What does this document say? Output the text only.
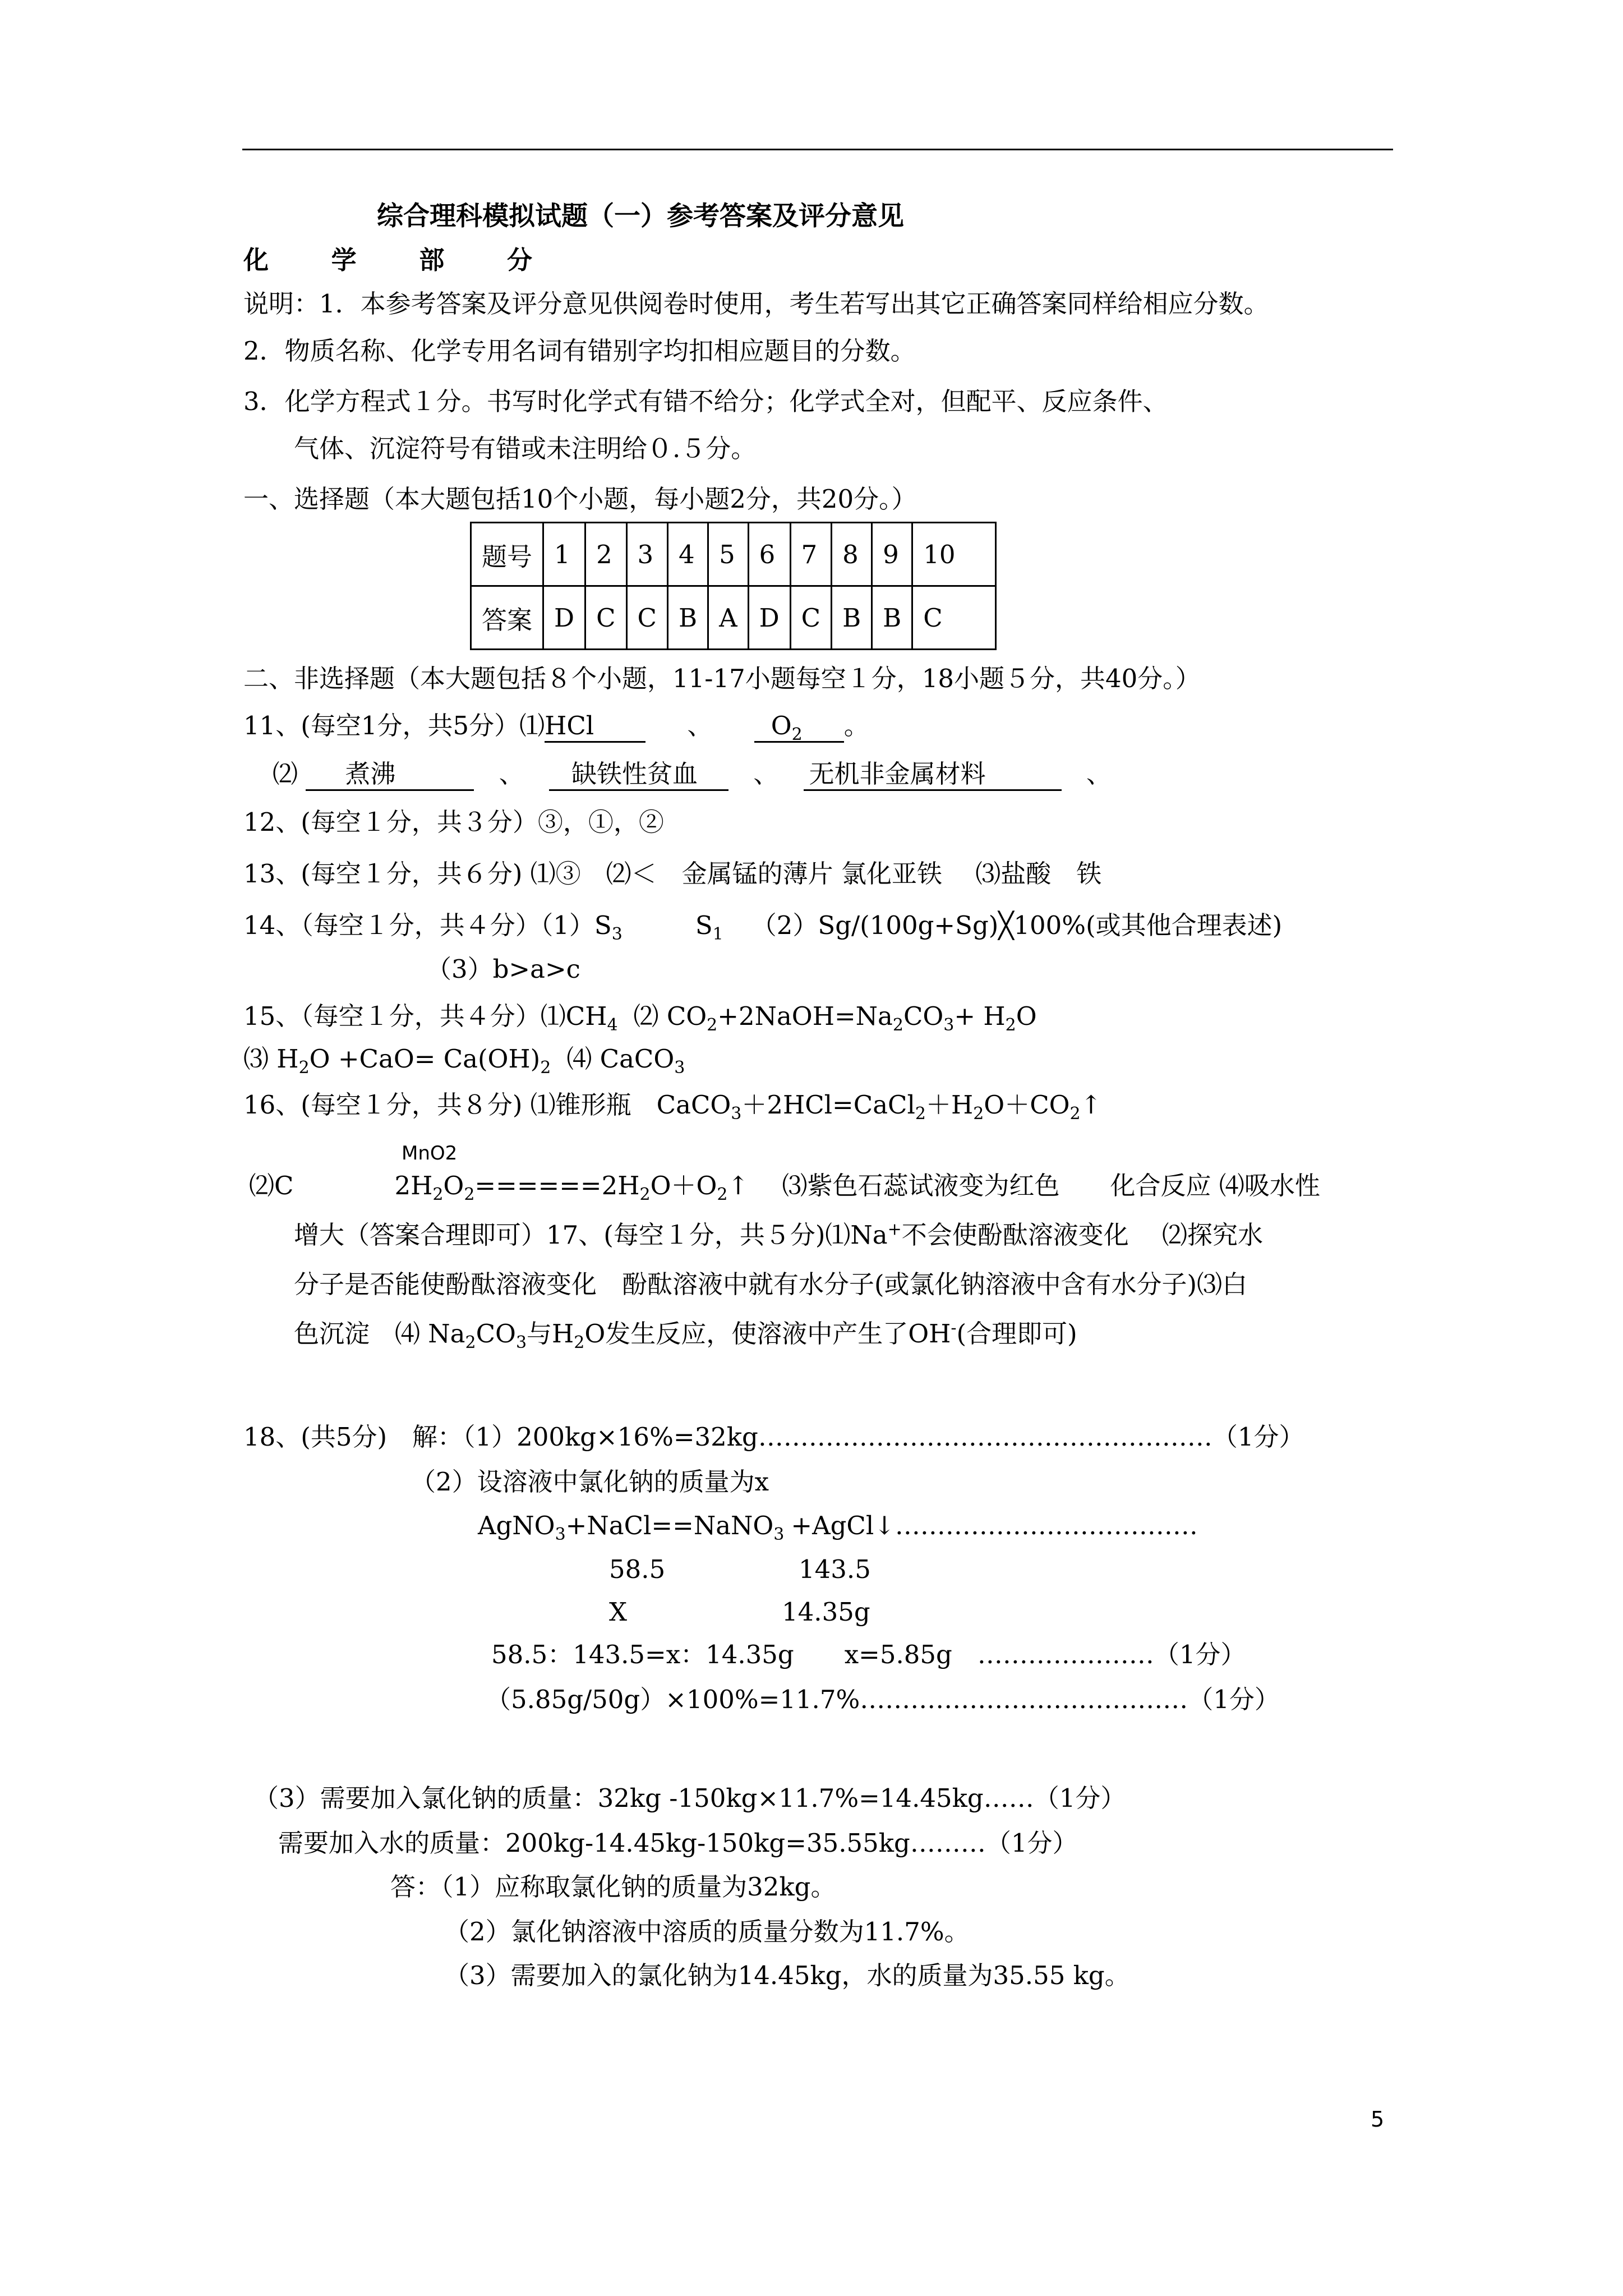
综合理科模拟试题（一）参考答案及评分意见
化 学 部 分
说明：1．本参考答案及评分意见供阅卷时使用，考生若写出其它正确答案同样给相应分数。
2．物质名称、化学专用名词有错别字均扣相应题目的分数。
3．化学方程式１分。书写时化学式有错不给分；化学式全对，但配平、反应条件、
气体、沉淀符号有错或未注明给０.５分。
一、选择题（本大题包括10个小题，每小题2分，共20分。）
题号	1	2	3	4	5	6	7	8	9	10
答案	D	C	C	B	A	D	C	B	B	C
二、非选择题（本大题包括８个小题，11-17小题每空１分，18小题５分，共40分。）
11、(每空1分，共5分）⑴HCl	、 $O_2$ 。
⑵ 煮沸	、 缺铁性贫血 、 无机非金属材料	、
12、(每空１分，共３分）③，①，②
13、(每空１分，共６分) ⑴③　⑵＜　金属锰的薄片 氯化亚铁　 ⑶盐酸　铁
14、（每空１分，共４分）$(1)S_3$	$S_1$ （2）Sg/(100g+Sg)╳100%(或其他合理表述)
（3）b>a>c
15、（每空１分，共４分）$⑴CH_4$ ⑵ $CO_2+2NaOH=Na_2CO_3+ H_2O$
⑶ $H_2O +CaO= Ca(OH)_2$ ⑷ CaCO$_3$
16、(每空１分，共８分) ⑴锥形瓶　$CaCO_3+2HCl=CaCl_2+H_2O+CO_2↑$
MnO2
⑵C	$2H_2O_2======2H_2O+O_2↑$　 ⑶紫色石蕊试液变为红色　　化合反应 ⑷吸水性
增大（答案合理即可）17、(每空１分，共５分)⑴Na+不会使酚酞溶液变化　 ⑵探究水
分子是否能使酚酞溶液变化　酚酞溶液中就有水分子(或氯化钠溶液中含有水分子)⑶白
色沉淀　⑷ $Na_2CO_3$与$H_2O$发生反应，使溶液中产生了OH-(合理即可)
18、(共5分)　解：（1）200kg×16%=32kg………………………………………………（1分）
（2）设溶液中氯化钠的质量为x
AgNO$_3$+NaCl==NaNO$_3$ +AgCl↓………………………………
58.5	143.5
X	14.35g
58.5：143.5=x：14.35g　　x=5.85g　…………………（1分）
（5.85g/50g）×100%=11.7%…………………………………（1分）
（3）需要加入氯化钠的质量：32kg -150kg×11.7%=14.45kg……（1分）
需要加入水的质量：200kg-14.45kg-150kg=35.55kg………（1分）
答：（1）应称取氯化钠的质量为32kg。
（2）氯化钠溶液中溶质的质量分数为11.7%。
（3）需要加入的氯化钠为14.45kg，水的质量为35.55 kg。
5
